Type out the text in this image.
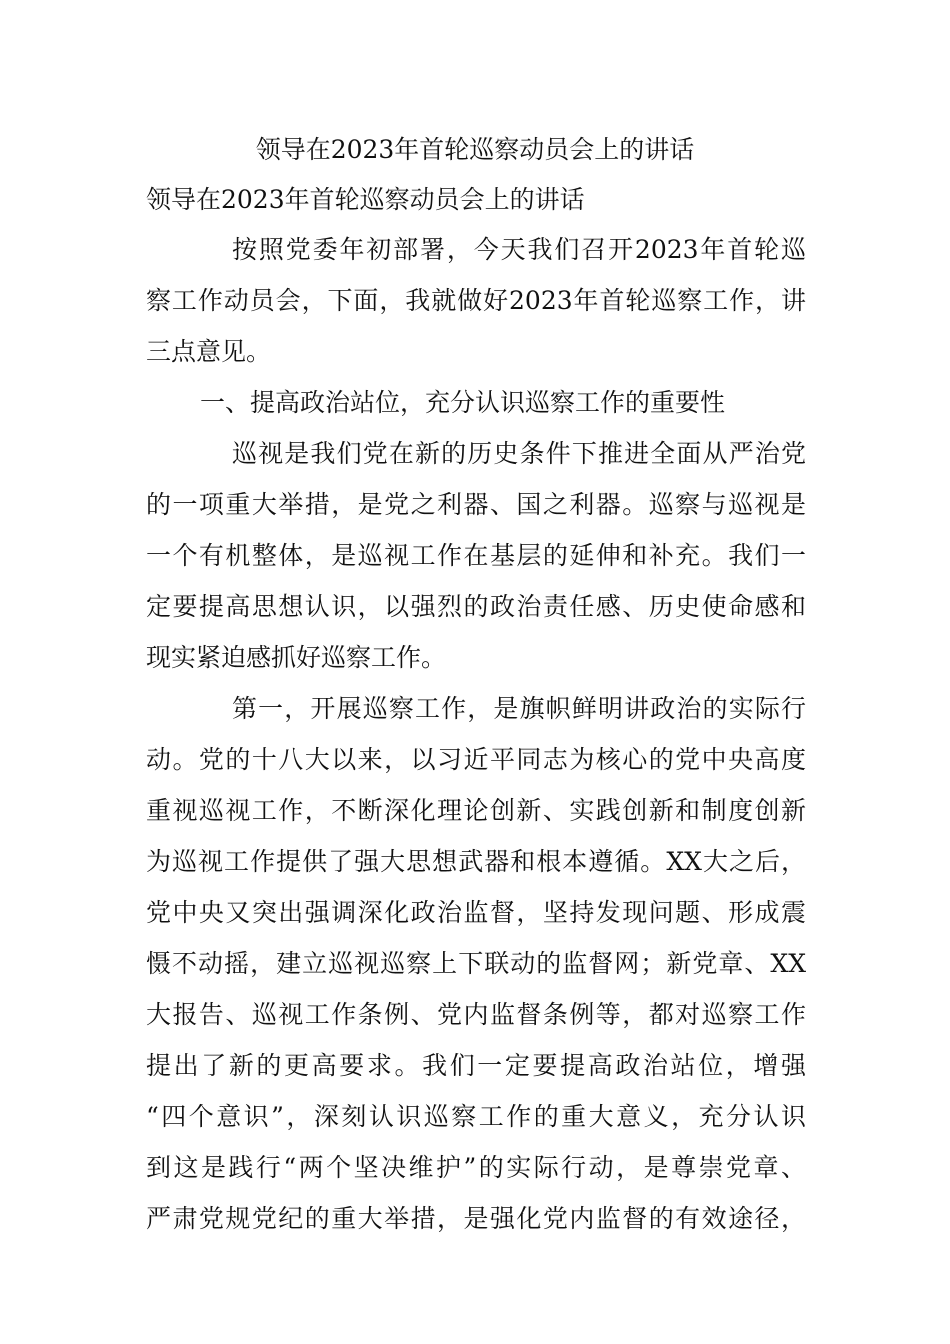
领导在2023年首轮巡察动员会上的讲话
领导在2023年首轮巡察动员会上的讲话
按照党委年初部署，今天我们召开2023年首轮巡
察工作动员会，下面，我就做好2023年首轮巡察工作，讲
三点意见。
一、提高政治站位，充分认识巡察工作的重要性
巡视是我们党在新的历史条件下推进全面从严治党
的一项重大举措，是党之利器、国之利器。巡察与巡视是
一个有机整体，是巡视工作在基层的延伸和补充。我们一
定要提高思想认识，以强烈的政治责任感、历史使命感和
现实紧迫感抓好巡察工作。
第一，开展巡察工作，是旗帜鲜明讲政治的实际行
动。党的十八大以来，以习近平同志为核心的党中央高度
重视巡视工作，不断深化理论创新、实践创新和制度创新
为巡视工作提供了强大思想武器和根本遵循。XX大之后，
党中央又突出强调深化政治监督，坚持发现问题、形成震
慑不动摇，建立巡视巡察上下联动的监督网；新党章、XX
大报告、巡视工作条例、党内监督条例等，都对巡察工作
提出了新的更高要求。我们一定要提高政治站位，增强
“四个意识”，深刻认识巡察工作的重大意义，充分认识
到这是践行“两个坚决维护”的实际行动，是尊崇党章、
严肃党规党纪的重大举措，是强化党内监督的有效途径，
